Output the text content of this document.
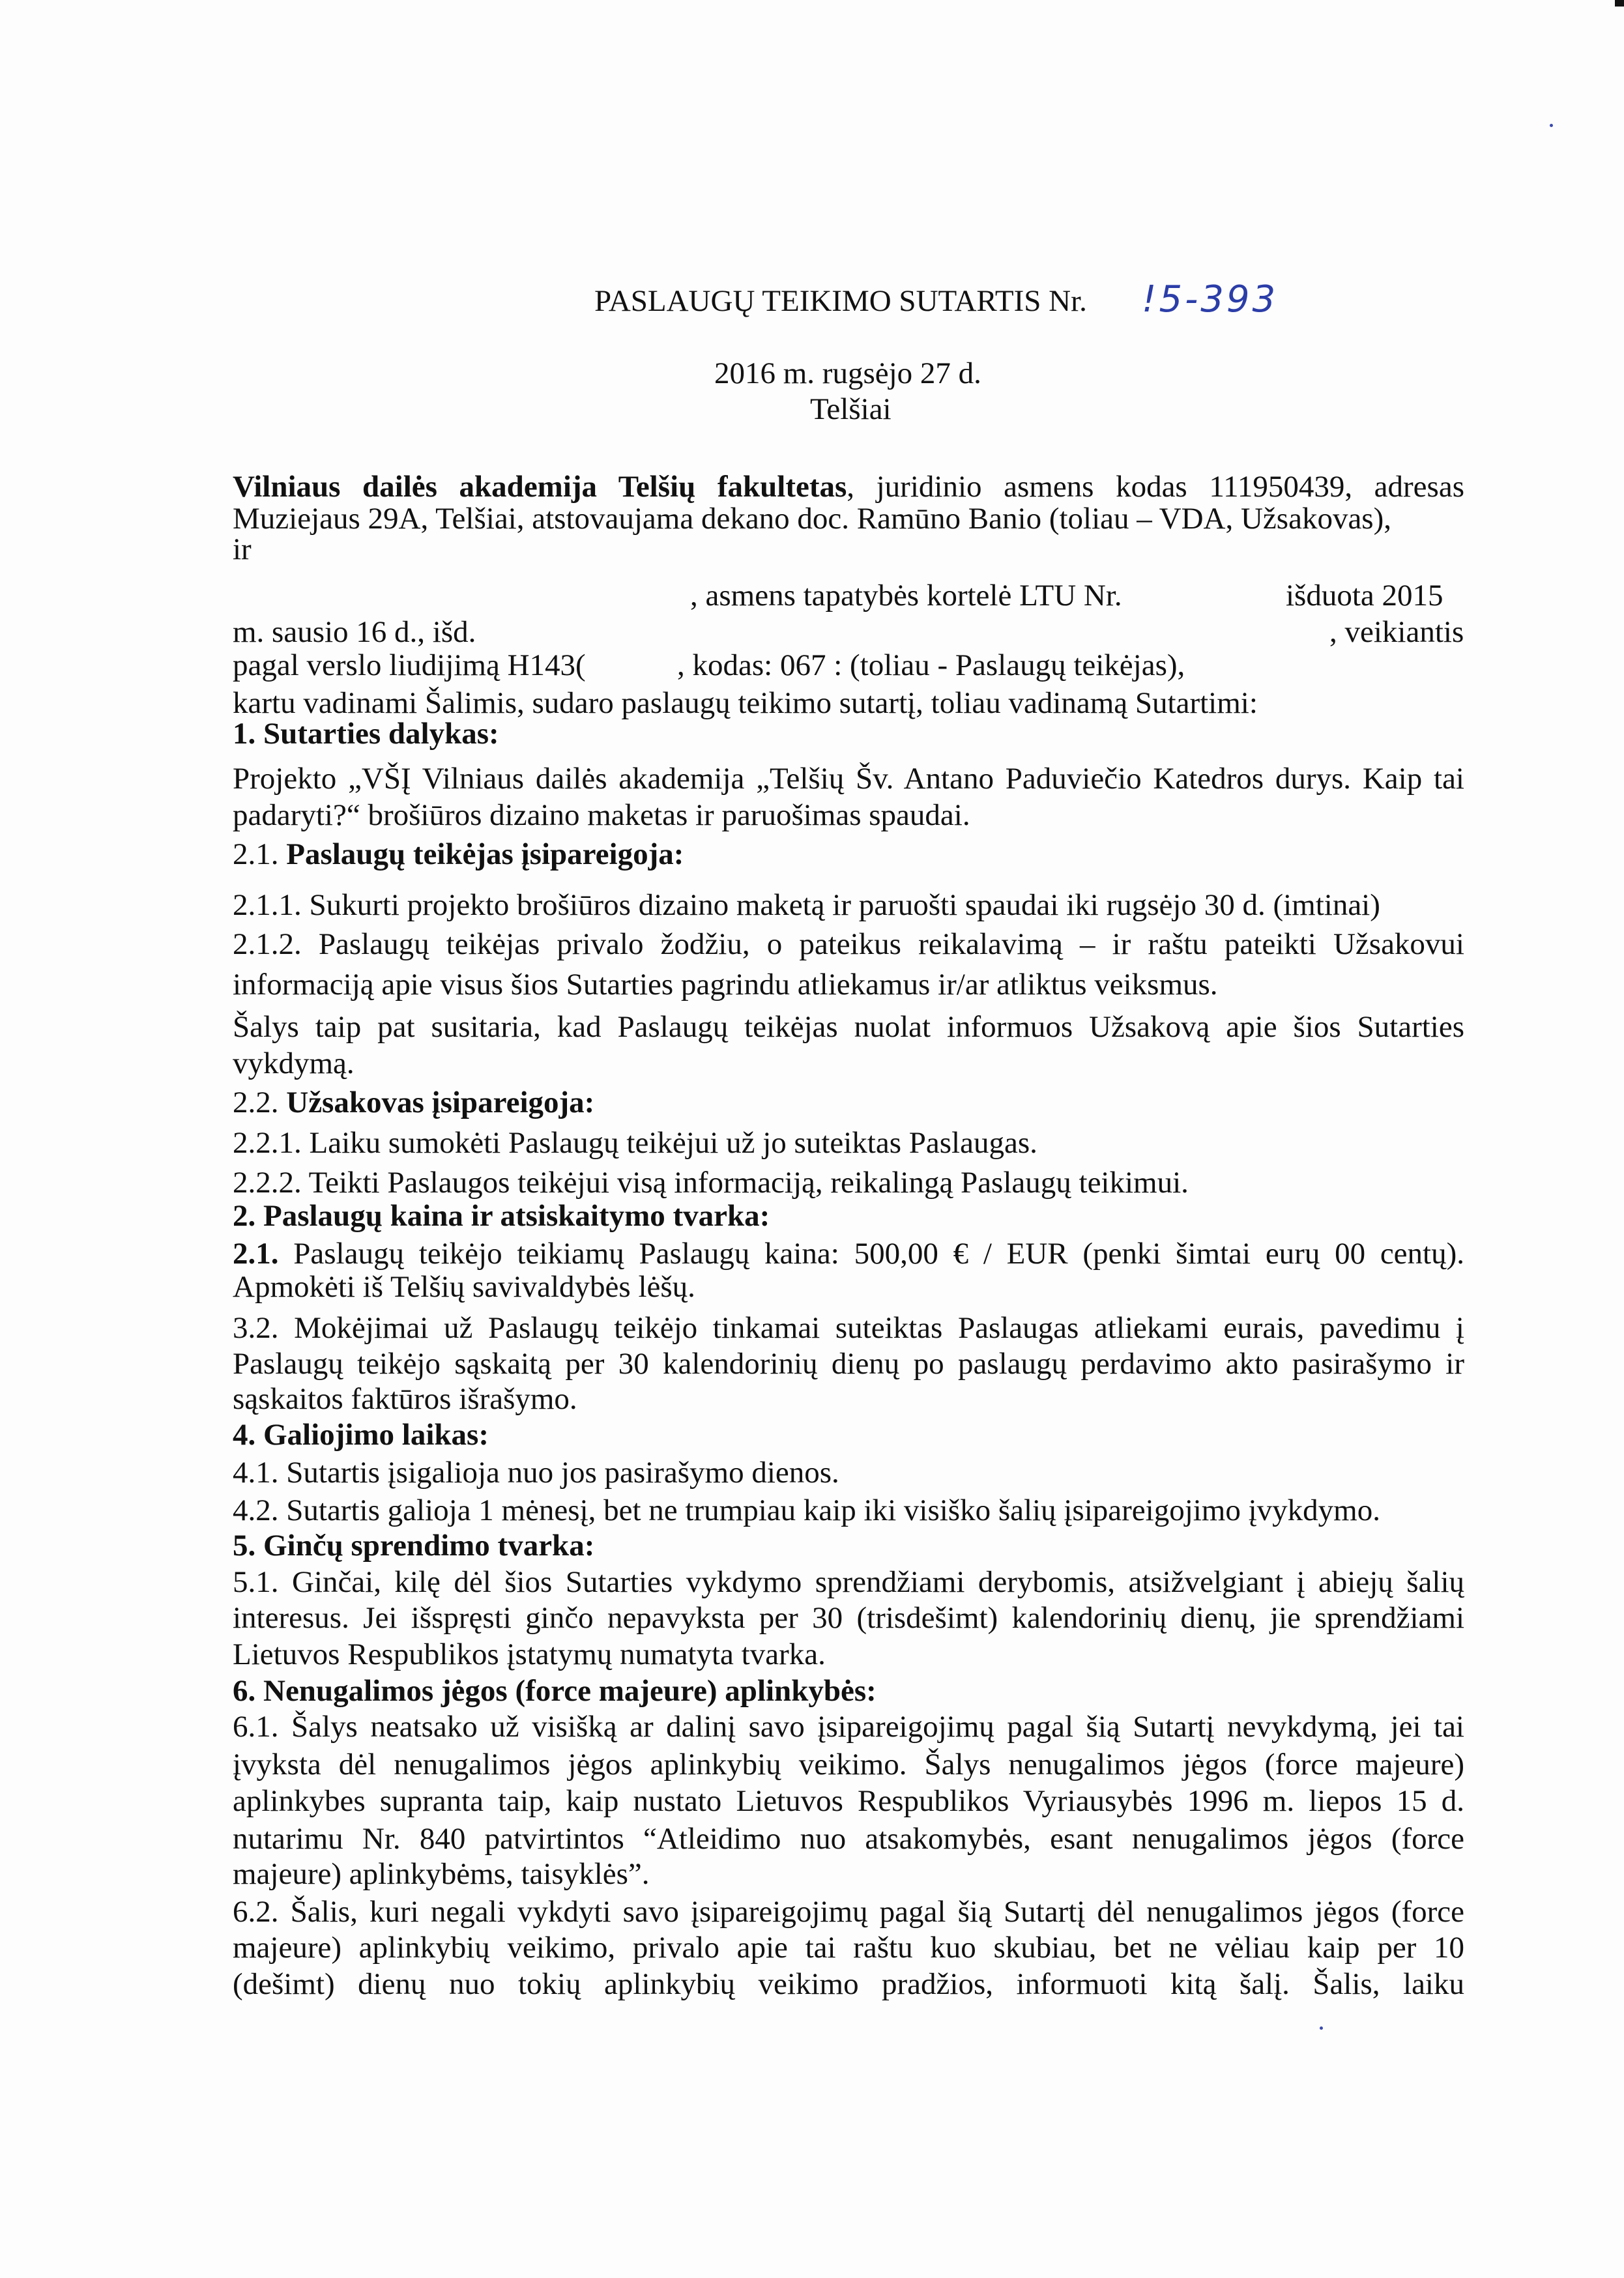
PASLAUGŲ TEIKIMO SUTARTIS Nr. !5-393
2016 m. rugsėjo 27 d.
Telšiai
Vilniaus dailės akademija Telšių fakultetas, juridinio asmens kodas 111950439, adresas
Muziejaus 29A, Telšiai, atstovaujama dekano doc. Ramūno Banio (toliau – VDA, Užsakovas),
ir
, asmens tapatybės kortelė LTU Nr.	išduota 2015
m. sausio 16 d., išd.	, veikiantis
pagal verslo liudijimą H143(	, kodas: 067 : (toliau - Paslaugų teikėjas),
kartu vadinami Šalimis, sudaro paslaugų teikimo sutartį, toliau vadinamą Sutartimi:
1. Sutarties dalykas:
Projekto „VŠĮ Vilniaus dailės akademija „Telšių Šv. Antano Paduviečio Katedros durys. Kaip tai
padaryti?“ brošiūros dizaino maketas ir paruošimas spaudai.
2.1. Paslaugų teikėjas įsipareigoja:
2.1.1. Sukurti projekto brošiūros dizaino maketą ir paruošti spaudai iki rugsėjo 30 d. (imtinai)
2.1.2. Paslaugų teikėjas privalo žodžiu, o pateikus reikalavimą – ir raštu pateikti Užsakovui
informaciją apie visus šios Sutarties pagrindu atliekamus ir/ar atliktus veiksmus.
Šalys taip pat susitaria, kad Paslaugų teikėjas nuolat informuos Užsakovą apie šios Sutarties
vykdymą.
2.2. Užsakovas įsipareigoja:
2.2.1. Laiku sumokėti Paslaugų teikėjui už jo suteiktas Paslaugas.
2.2.2. Teikti Paslaugos teikėjui visą informaciją, reikalingą Paslaugų teikimui.
2. Paslaugų kaina ir atsiskaitymo tvarka:
2.1. Paslaugų teikėjo teikiamų Paslaugų kaina: 500,00 € / EUR (penki šimtai eurų 00 centų).
Apmokėti iš Telšių savivaldybės lėšų.
3.2. Mokėjimai už Paslaugų teikėjo tinkamai suteiktas Paslaugas atliekami eurais, pavedimu į
Paslaugų teikėjo sąskaitą per 30 kalendorinių dienų po paslaugų perdavimo akto pasirašymo ir
sąskaitos faktūros išrašymo.
4. Galiojimo laikas:
4.1. Sutartis įsigalioja nuo jos pasirašymo dienos.
4.2. Sutartis galioja 1 mėnesį, bet ne trumpiau kaip iki visiško šalių įsipareigojimo įvykdymo.
5. Ginčų sprendimo tvarka:
5.1. Ginčai, kilę dėl šios Sutarties vykdymo sprendžiami derybomis, atsižvelgiant į abiejų šalių
interesus. Jei išspręsti ginčo nepavyksta per 30 (trisdešimt) kalendorinių dienų, jie sprendžiami
Lietuvos Respublikos įstatymų numatyta tvarka.
6. Nenugalimos jėgos (force majeure) aplinkybės:
6.1. Šalys neatsako už visišką ar dalinį savo įsipareigojimų pagal šią Sutartį nevykdymą, jei tai
įvyksta dėl nenugalimos jėgos aplinkybių veikimo. Šalys nenugalimos jėgos (force majeure)
aplinkybes supranta taip, kaip nustato Lietuvos Respublikos Vyriausybės 1996 m. liepos 15 d.
nutarimu Nr. 840 patvirtintos “Atleidimo nuo atsakomybės, esant nenugalimos jėgos (force
majeure) aplinkybėms, taisyklės”.
6.2. Šalis, kuri negali vykdyti savo įsipareigojimų pagal šią Sutartį dėl nenugalimos jėgos (force
majeure) aplinkybių veikimo, privalo apie tai raštu kuo skubiau, bet ne vėliau kaip per 10
(dešimt) dienų nuo tokių aplinkybių veikimo pradžios, informuoti kitą šalį. Šalis, laiku
